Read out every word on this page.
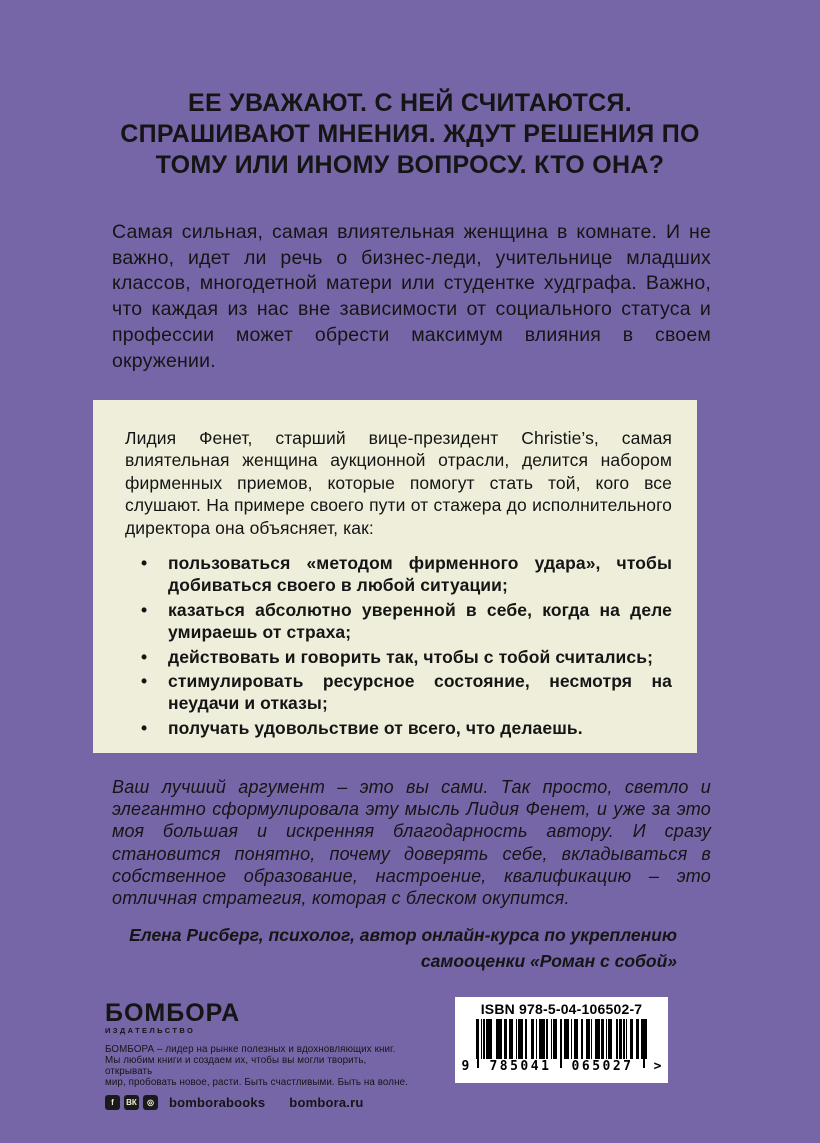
ЕЕ УВАЖАЮТ. С НЕЙ СЧИТАЮТСЯ.
СПРАШИВАЮТ МНЕНИЯ. ЖДУТ РЕШЕНИЯ ПО
ТОМУ ИЛИ ИНОМУ ВОПРОСУ. КТО ОНА?

Самая сильная, самая влиятельная женщина в комнате. И не важно, идет ли речь о бизнес-леди, учительнице младших классов, многодетной матери или студентке худграфа. Важно, что каждая из нас вне зависимости от социального статуса и профессии может обрести максимум влияния в своем окружении.

Лидия Фенет, старший вице-президент Christie’s, самая влиятельная женщина аукционной отрасли, делится набором фирменных приемов, которые помогут стать той, кого все слушают. На примере своего пути от стажера до исполнительного директора она объясняет, как:

• пользоваться «методом фирменного удара», чтобы добиваться своего в любой ситуации;
• казаться абсолютно уверенной в себе, когда на деле умираешь от страха;
• действовать и говорить так, чтобы с тобой считались;
• стимулировать ресурсное состояние, несмотря на неудачи и отказы;
• получать удовольствие от всего, что делаешь.

Ваш лучший аргумент – это вы сами. Так просто, светло и элегантно сформулировала эту мысль Лидия Фенет, и уже за это моя большая и искренняя благодарность автору. И сразу становится понятно, почему доверять себе, вкладываться в собственное образование, настроение, квалификацию – это отличная стратегия, которая с блеском окупится.

Елена Рисберг, психолог, автор онлайн-курса по укреплению
самооценки «Роман с собой»
БОМБОРА
ИЗДАТЕЛЬСТВО
БОМБОРА – лидер на рынке полезных и вдохновляющих книг.
Мы любим книги и создаем их, чтобы вы могли творить, открывать
мир, пробовать новое, расти. Быть счастливыми. Быть на волне.
f	ВК	◎	bomborabooks bombora.ru
ISBN 978-5-04-106502-7
9 785041 065027 >
